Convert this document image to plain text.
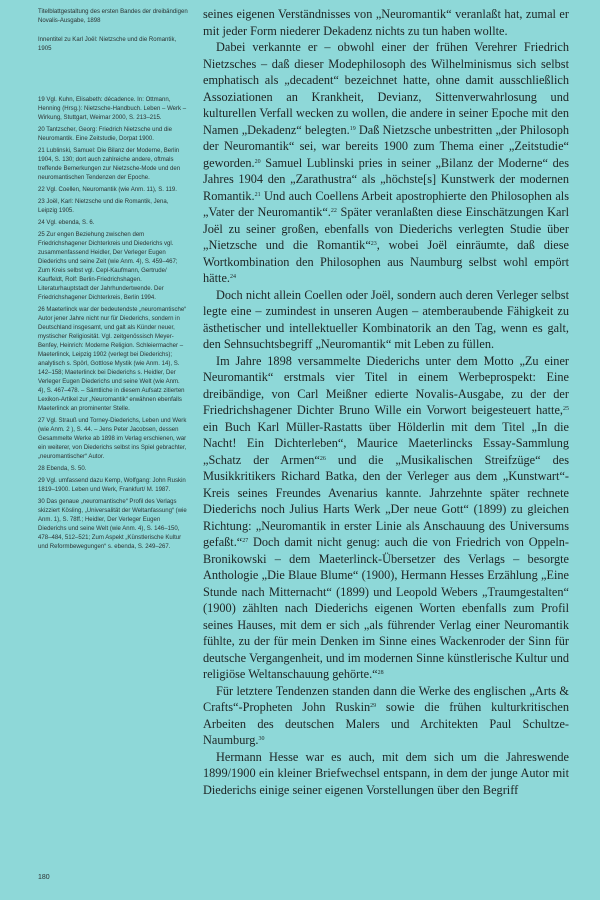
Titelblattgestaltung des ersten Bandes der dreibändigen Novalis-Ausgabe, 1898

Innentitel zu Karl Joël: Nietzsche und die Romantik, 1905

19 Vgl. Kuhn, Elisabeth: décadence. In: Ottmann, Henning (Hrsg.): Nietzsche-Handbuch. Leben – Werk – Wirkung, Stuttgart, Weimar 2000, S. 213–215.

20 Tantzscher, Georg: Friedrich Nietzsche und die Neuromantik. Eine Zeitstudie, Dorpat 1900.

21 Lublinski, Samuel: Die Bilanz der Moderne, Berlin 1904, S. 130; dort auch zahlreiche andere, oftmals treffende Bemerkungen zur Nietzsche-Mode und den neuromantischen Tendenzen der Epoche.

22 Vgl. Coellen, Neuromantik (wie Anm. 11), S. 119.

23 Joël, Karl: Nietzsche und die Romantik, Jena, Leipzig 1905.

24 Vgl. ebenda, S. 6.

25 Zur engen Beziehung zwischen dem Friedrichshagener Dichterkreis und Diederichs vgl. zusammenfassend Heidler, Der Verleger Eugen Diederichs und seine Zeit (wie Anm. 4), S. 459–467; Zum Kreis selbst vgl. Cepl-Kaufmann, Gertrude/ Kauffeldt, Rolf: Berlin-Friedrichshagen. Literaturhauptstadt der Jahrhundertwende. Der Friedrichshagener Dichterkreis, Berlin 1994.

26 Maeterlinck war der bedeutendste „neuromantische“ Autor jener Jahre nicht nur für Diederichs, sondern in Deutschland insgesamt, und galt als Künder neuer, mystischer Religiosität. Vgl. zeitgenössisch Meyer-Benfey, Heinrich: Moderne Religion. Schleiermacher – Maeterlinck, Leipzig 1902 (verlegt bei Diederichs); analytisch s. Spörl, Gottlose Mystik (wie Anm. 14), S. 142–158; Maeterlinck bei Diederichs s. Heidler, Der Verleger Eugen Diederichs und seine Welt (wie Anm. 4), S. 467–478. – Sämtliche in diesem Aufsatz zitierten Lexikon-Artikel zur „Neuromantik“ erwähnen ebenfalls Maeterlinck an prominenter Stelle.

27 Vgl. Strauß und Torney-Diederichs, Leben und Werk (wie Anm. 2 ), S. 44. – Jens Peter Jacobsen, dessen Gesammelte Werke ab 1898 im Verlag erschienen, war ein weiterer, von Diederichs selbst ins Spiel gebrachter, „neuromantischer“ Autor.

28 Ebenda, S. 50.

29 Vgl. umfassend dazu Kemp, Wolfgang: John Ruskin 1819–1900. Leben und Werk, Frankfurt/ M. 1987.

30 Das genaue „neuromantische“ Profil des Verlags skizziert Kösling, „Universalität der Weltanfassung“ (wie Anm. 1), S. 78ff.; Heidler, Der Verleger Eugen Diederichs und seine Welt (wie Anm. 4), S. 146–150, 478–484, 512–521; Zum Aspekt „Künstlerische Kultur und Reformbewegungen“ s. ebenda, S. 249–267.

seines eigenen Verständnisses von „Neuromantik“ veranlaßt hat, zumal er mit jeder Form niederer Dekadenz nichts zu tun haben wollte.

Dabei verkannte er – obwohl einer der frühen Verehrer Friedrich Nietzsches – daß dieser Modephilosoph des Wilhelminismus sich selbst emphatisch als „decadent“ bezeichnet hatte, ohne damit ausschließlich Assoziationen an Krankheit, Devianz, Sittenverwahrlosung und kulturellen Verfall wecken zu wollen, die andere in seiner Epoche mit den Namen „Dekadenz“ belegten.$^{19}$ Daß Nietzsche unbestritten „der Philosoph der Neuromantik“ sei, war bereits 1900 zum Thema einer „Zeitstudie“ geworden.$^{20}$ Samuel Lublinski pries in seiner „Bilanz der Moderne“ des Jahres 1904 den „Zarathustra“ als „höchste[s] Kunstwerk der modernen Romantik.$^{21}$ Und auch Coellens Arbeit apostrophierte den Philosophen als „Vater der Neuromantik“.$^{22}$ Später veranlaßten diese Einschätzungen Karl Joël zu seiner großen, ebenfalls von Diederichs verlegten Studie über „Nietzsche und die Romantik“$^{23}$, wobei Joël einräumte, daß diese Wortkombination den Philosophen aus Naumburg selbst wohl empört hätte.$^{24}$

Doch nicht allein Coellen oder Joël, sondern auch deren Verleger selbst legte eine – zumindest in unseren Augen – atemberaubende Fähigkeit zu ästhetischer und intellektueller Kombinatorik an den Tag, wenn es galt, den Sehnsuchtsbegriff „Neuromantik“ mit Leben zu füllen.

Im Jahre 1898 versammelte Diederichs unter dem Motto „Zu einer Neuromantik“ erstmals vier Titel in einem Werbeprospekt: Eine dreibändige, von Carl Meißner edierte Novalis-Ausgabe, zu der der Friedrichshagener Dichter Bruno Wille ein Vorwort beigesteuert hatte,$^{25}$ ein Buch Karl Müller-Rastatts über Hölderlin mit dem Titel „In die Nacht! Ein Dichterleben“, Maurice Maeterlincks Essay-Sammlung „Schatz der Armen“$^{26}$ und die „Musikalischen Streifzüge“ des Musikkritikers Richard Batka, den der Verleger aus dem „Kunstwart“-Kreis seines Freundes Avenarius kannte. Jahrzehnte später rechnete Diederichs noch Julius Harts Werk „Der neue Gott“ (1899) zu gleichen Richtung: „Neuromantik in erster Linie als Anschauung des Universums gefaßt.“$^{27}$ Doch damit nicht genug: auch die von Friedrich von Oppeln-Bronikowski – dem Maeterlinck-Übersetzer des Verlags – besorgte Anthologie „Die Blaue Blume“ (1900), Hermann Hesses Erzählung „Eine Stunde nach Mitternacht“ (1899) und Leopold Webers „Traumgestalten“ (1900) zählten nach Diederichs eigenen Worten ebenfalls zum Profil seines Hauses, mit dem er sich „als führender Verlag einer Neuromantik fühlte, zu der für mein Denken im Sinne eines Wackenroder der Sinn für deutsche Vergangenheit, und im modernen Sinne künstlerische Kultur und religiöse Weltanschauung gehörte.“$^{28}$

Für letztere Tendenzen standen dann die Werke des englischen „Arts & Crafts“-Propheten John Ruskin$^{29}$ sowie die frühen kulturkritischen Arbeiten des deutschen Malers und Architekten Paul Schultze-Naumburg.$^{30}$

Hermann Hesse war es auch, mit dem sich um die Jahreswende 1899/1900 ein kleiner Briefwechsel entspann, in dem der junge Autor mit Diederichs einige seiner eigenen Vorstellungen über den Begriff

180
